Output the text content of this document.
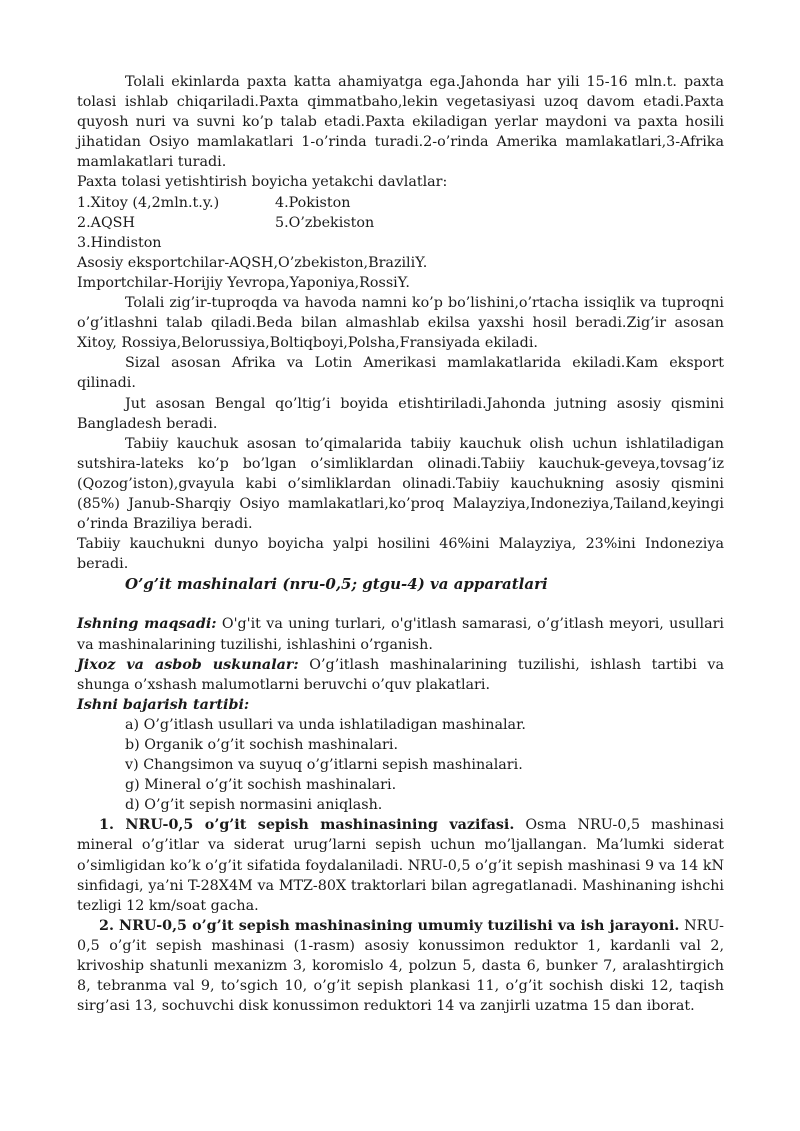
Tolali ekinlarda paxta katta ahamiyatga ega.Jahonda har yili 15-16 mln.t. paxta tolasi ishlab chiqariladi.Paxta qimmatbaho,lekin vegetasiyasi uzoq davom etadi.Paxta quyosh nuri va suvni ko’p talab etadi.Paxta ekiladigan yerlar maydoni va paxta hosili jihatidan Osiyo mamlakatlari 1-o’rinda turadi.2-o’rinda Amerika mamlakatlari,3-Afrika mamlakatlari turadi.

Paxta tolasi yetishtirish boyicha yetakchi davlatlar:

1.Xitoy (4,2mln.t.y.)	4.Pokiston
2.AQSH	5.O’zbekiston

3.Hindiston

Asosiy eksportchilar-AQSH,O’zbekiston,BraziliY.

Importchilar-Horijiy Yevropa,Yaponiya,RossiY.

Tolali zig’ir-tuproqda va havoda namni ko’p bo’lishini,o’rtacha issiqlik va tuproqni o’g’itlashni talab qiladi.Beda bilan almashlab ekilsa yaxshi hosil beradi.Zig’ir asosan Xitoy, Rossiya,Belorussiya,Boltiqboyi,Polsha,Fransiyada ekiladi.

Sizal asosan Afrika va Lotin Amerikasi mamlakatlarida ekiladi.Kam eksport qilinadi.

Jut asosan Bengal qo’ltig’i boyida etishtiriladi.Jahonda jutning asosiy qismini Bangladesh beradi.

Tabiiy kauchuk asosan to’qimalarida tabiiy kauchuk olish uchun ishlatiladigan sutshira-lateks ko’p bo’lgan o’simliklardan olinadi.Tabiiy kauchuk-geveya,tovsag’iz (Qozog’iston),gvayula kabi o’simliklardan olinadi.Tabiiy kauchukning asosiy qismini (85%) Janub-Sharqiy Osiyo mamlakatlari,ko’proq Malayziya,Indoneziya,Tailand,keyingi o’rinda Braziliya beradi.

Tabiiy kauchukni dunyo boyicha yalpi hosilini 46%ini Malayziya, 23%ini Indoneziya beradi.

O’g’it mashinalari (nru-0,5; gtgu-4) va apparatlari

Ishning maqsadi: O'g'it va uning turlari, o'g'itlash samarasi, o’g’itlash meyori, usullari va mashinalarining tuzilishi, ishlashini o’rganish.

Jixoz va asbob uskunalar: O’g’itlash mashinalarining tuzilishi, ishlash tartibi va shunga o’xshash malumotlarni beruvchi o’quv plakatlari.

Ishni bajarish tartibi:

a) O’g’itlash usullari va unda ishlatiladigan mashinalar.

b) Organik o’g’it sochish mashinalari.

v) Changsimon va suyuq o’g’itlarni sepish mashinalari.

g) Mineral o’g’it sochish mashinalari.

d) O’g’it sepish normasini aniqlash.

1. NRU-0,5 o’g’it sepish mashinasining vazifasi. Osma NRU-0,5 mashinasi mineral o’g’itlar va siderat urug’larni sepish uchun mo’ljallangan. Ma’lumki siderat o’simligidan ko’k o’g’it sifatida foydalaniladi. NRU-0,5 o’g’it sepish mashinasi 9 va 14 kN sinfidagi, ya’ni T-28X4M va MTZ-80X traktorlari bilan agregatlanadi. Mashinaning ishchi tezligi 12 km/soat gacha.

2. NRU-0,5 o’g’it sepish mashinasining umumiy tuzilishi va ish jarayoni. NRU-0,5 o’g’it sepish mashinasi (1-rasm) asosiy konussimon reduktor 1, kardanli val 2, krivoship shatunli mexanizm 3, koromislo 4, polzun 5, dasta 6, bunker 7, aralashtirgich 8, tebranma val 9, to’sgich 10, o’g’it sepish plankasi 11, o’g’it sochish diski 12, taqish sirg’asi 13, sochuvchi disk konussimon reduktori 14 va zanjirli uzatma 15 dan iborat.
